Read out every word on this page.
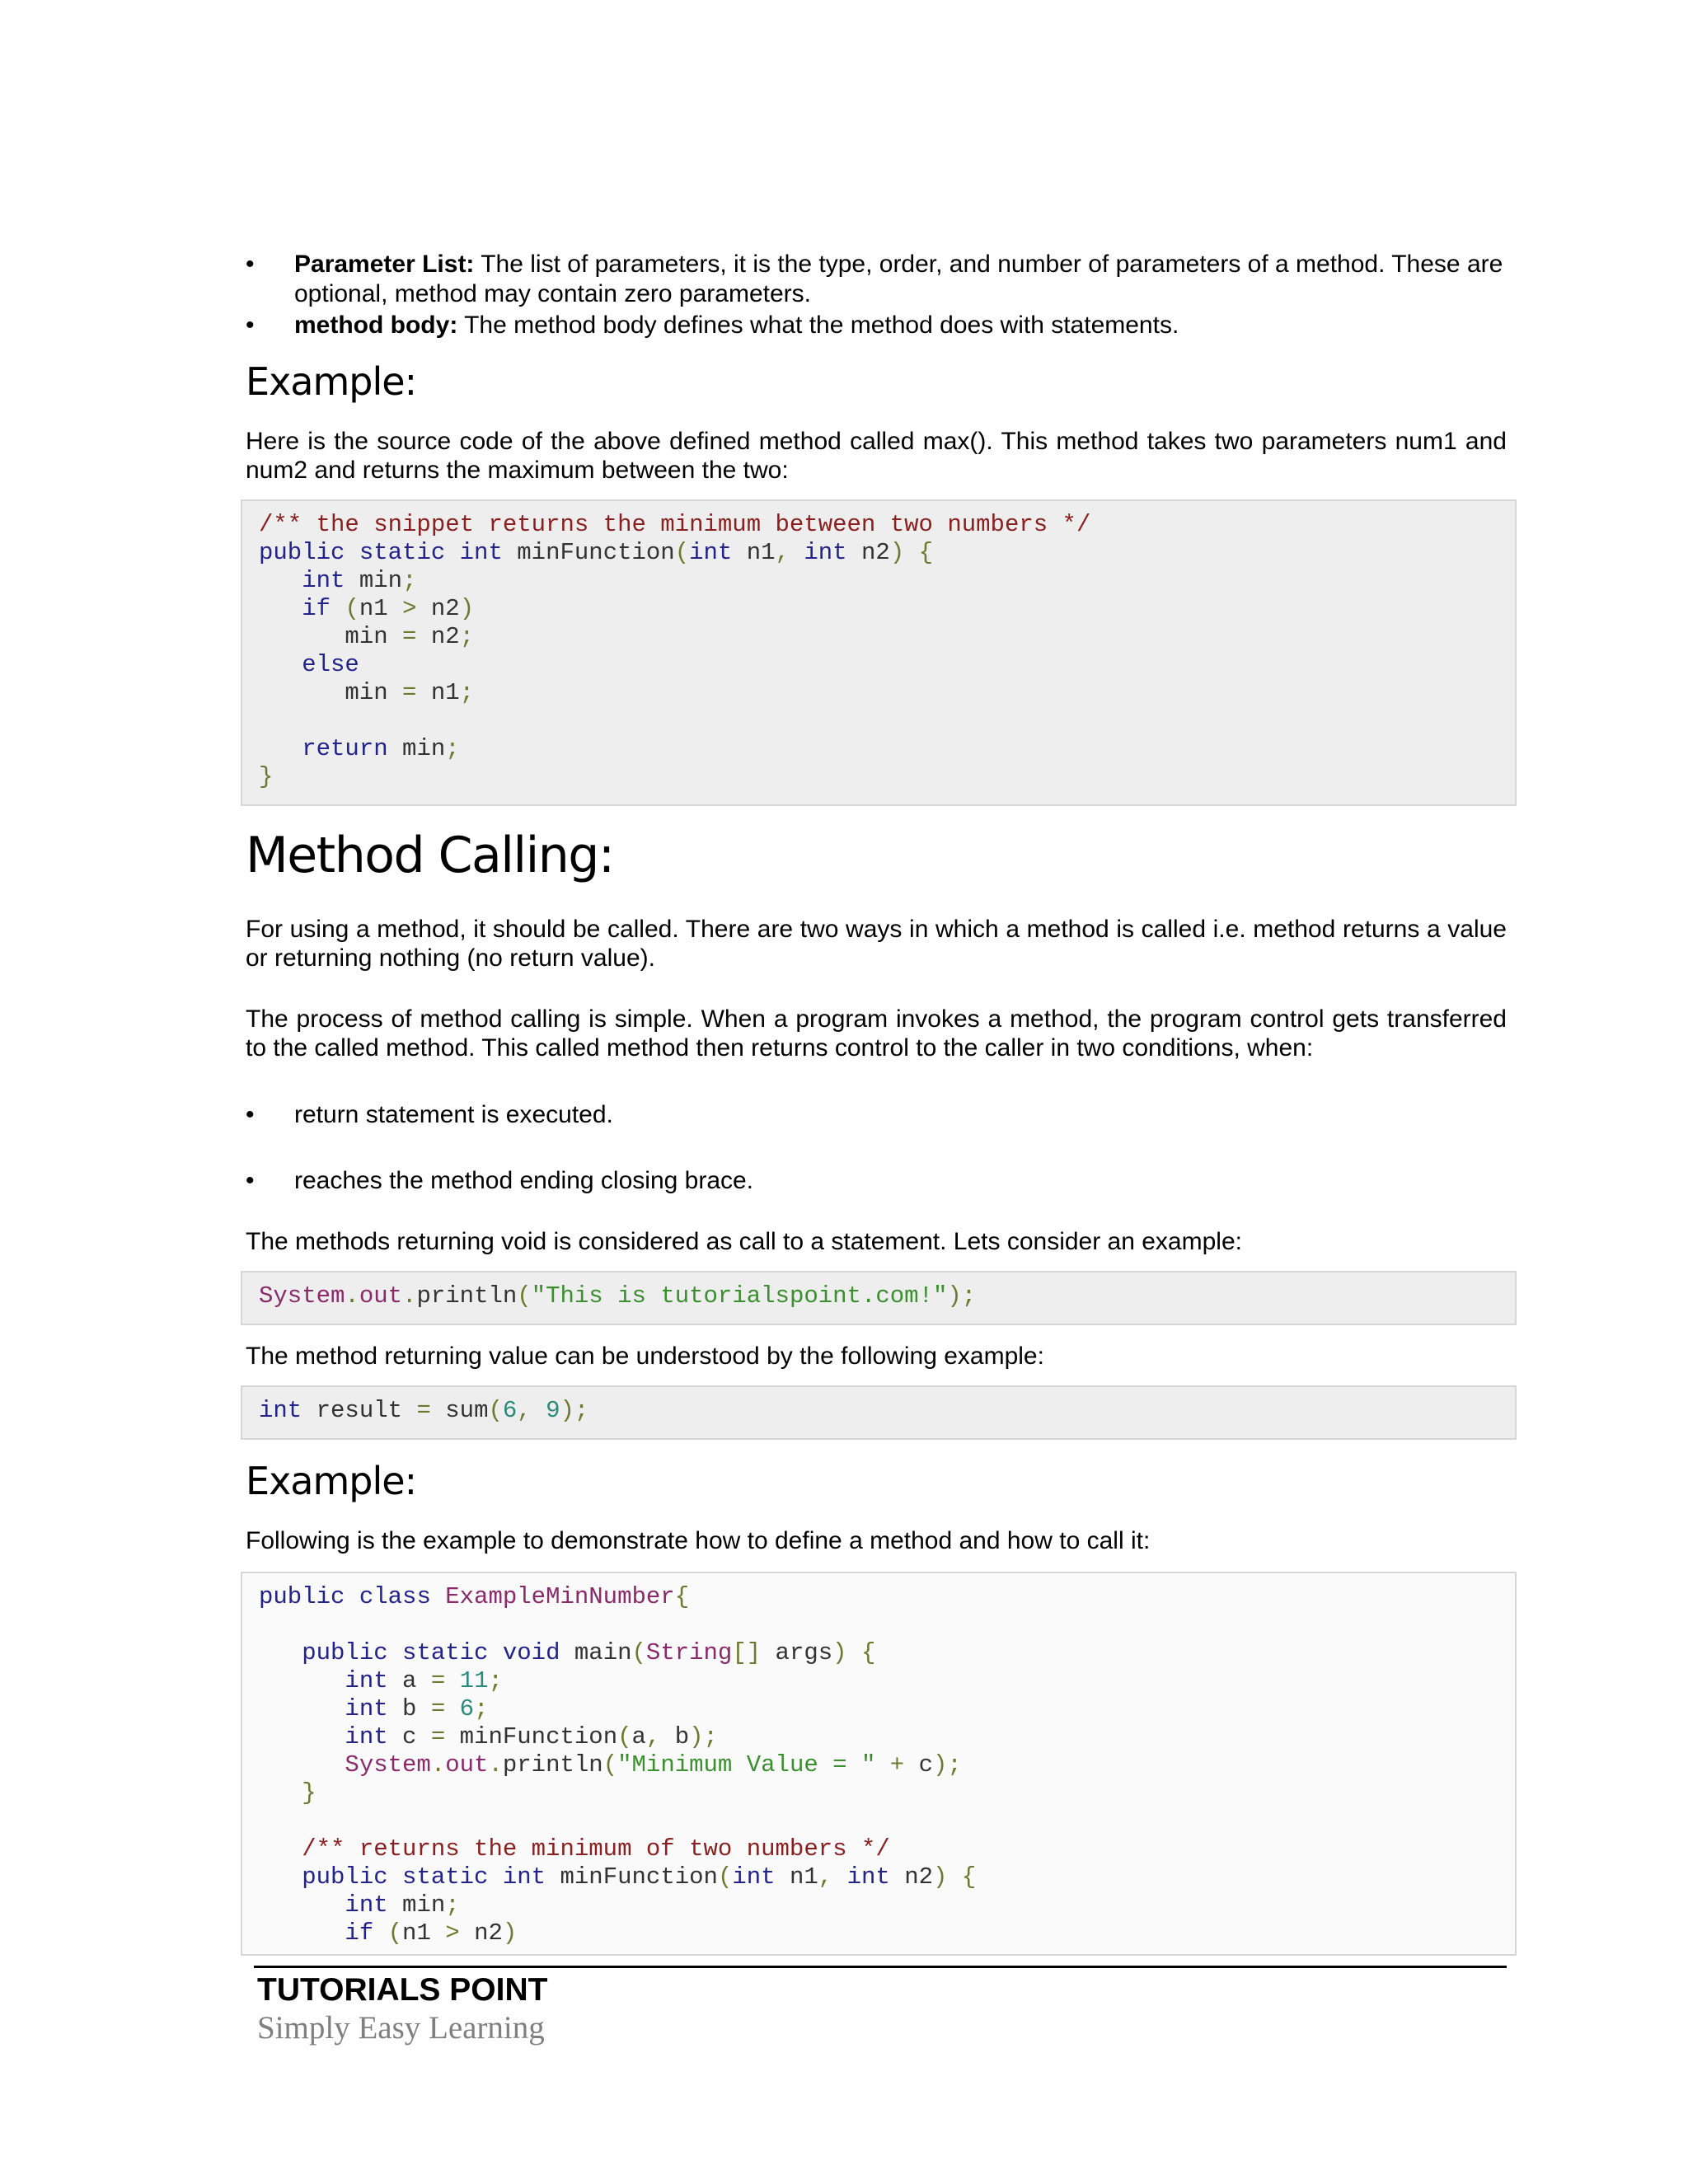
• Parameter List: The list of parameters, it is the type, order, and number of parameters of a method. These are optional, method may contain zero parameters.
• method body: The method body defines what the method does with statements.
Example:
Here is the source code of the above defined method called max(). This method takes two parameters num1 and num2 and returns the maximum between the two:
/** the snippet returns the minimum between two numbers */
public static int minFunction(int n1, int n2) {
int min;
if (n1 > n2)
min = n2;
else
min = n1;
return min;
}
Method Calling:
For using a method, it should be called. There are two ways in which a method is called i.e. method returns a value or returning nothing (no return value).
The process of method calling is simple. When a program invokes a method, the program control gets transferred to the called method. This called method then returns control to the caller in two conditions, when:
• return statement is executed.
• reaches the method ending closing brace.
The methods returning void is considered as call to a statement. Lets consider an example:
System.out.println("This is tutorialspoint.com!");
The method returning value can be understood by the following example:
int result = sum(6, 9);
Example:
Following is the example to demonstrate how to define a method and how to call it:
public class ExampleMinNumber{
public static void main(String[] args) {
int a = 11;
int b = 6;
int c = minFunction(a, b);
System.out.println("Minimum Value = " + c);
}
/** returns the minimum of two numbers */
public static int minFunction(int n1, int n2) {
int min;
if (n1 > n2)
TUTORIALS POINT
Simply Easy Learning
